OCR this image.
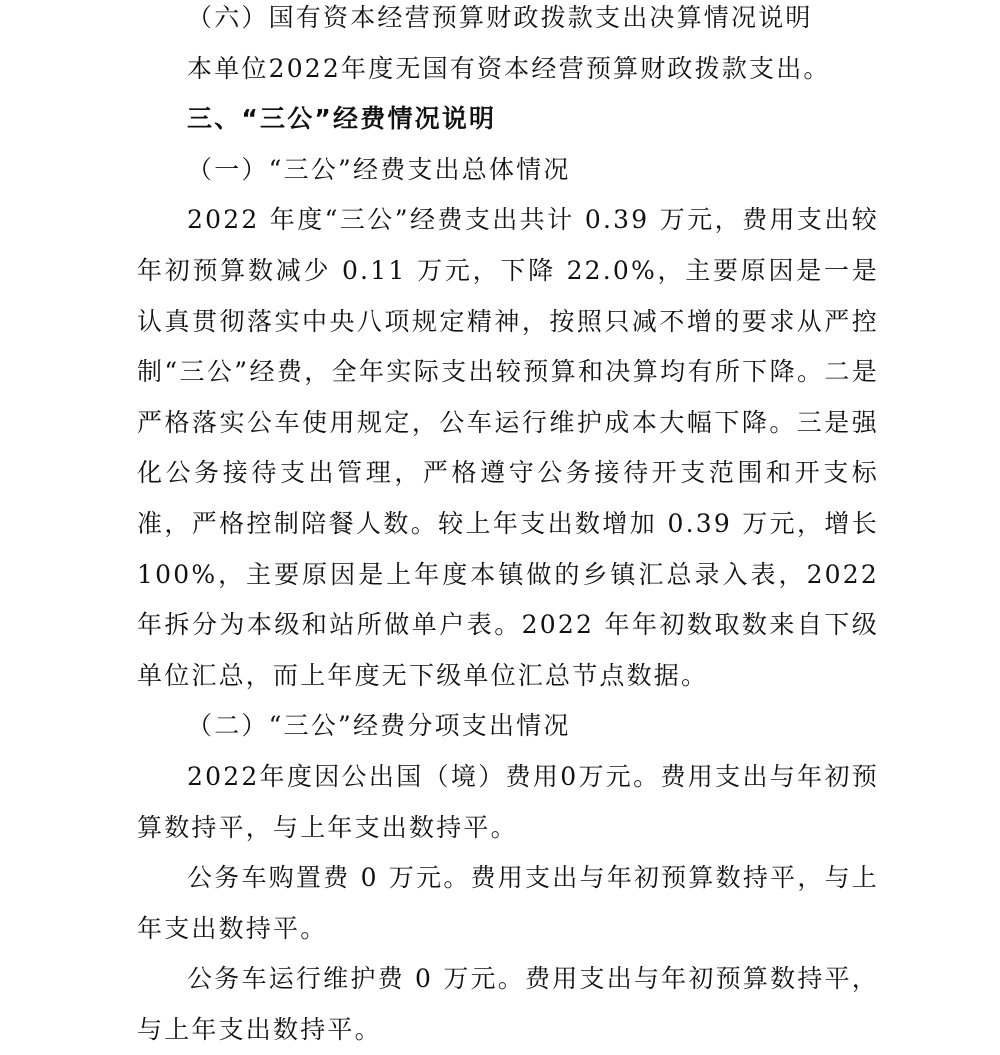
（六）国有资本经营预算财政拨款支出决算情况说明

本单位2022年度无国有资本经营预算财政拨款支出。

三、“三公”经费情况说明
（一）“三公”经费支出总体情况

2022 年度“三公”经费支出共计 0.39 万元，费用支出较年初预算数减少 0.11 万元，下降 22.0%，主要原因是一是认真贯彻落实中央八项规定精神，按照只减不增的要求从严控制“三公”经费，全年实际支出较预算和决算均有所下降。二是严格落实公车使用规定，公车运行维护成本大幅下降。三是强化公务接待支出管理，严格遵守公务接待开支范围和开支标准，严格控制陪餐人数。较上年支出数增加 0.39 万元，增长 100%，主要原因是上年度本镇做的乡镇汇总录入表，2022 年拆分为本级和站所做单户表。2022 年年初数取数来自下级单位汇总，而上年度无下级单位汇总节点数据。

（二）“三公”经费分项支出情况

2022年度因公出国（境）费用0万元。费用支出与年初预算数持平，与上年支出数持平。

公务车购置费 0 万元。费用支出与年初预算数持平，与上年支出数持平。

公务车运行维护费 0 万元。费用支出与年初预算数持平，与上年支出数持平。
